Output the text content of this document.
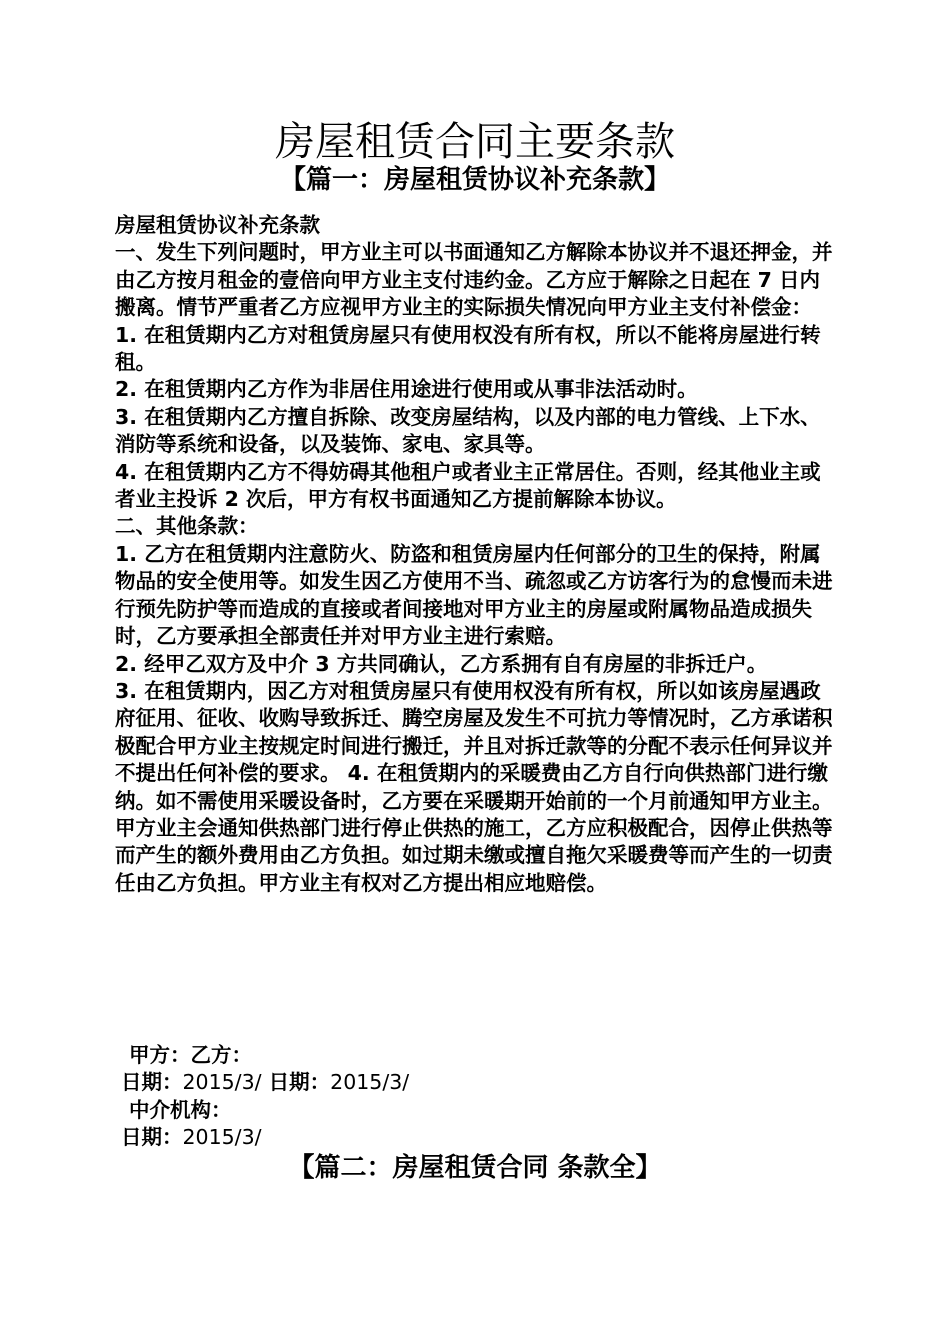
房屋租赁合同主要条款
【篇一：房屋租赁协议补充条款】

房屋租赁协议补充条款

一、发生下列问题时，甲方业主可以书面通知乙方解除本协议并不退还押金，并由乙方按月租金的壹倍向甲方业主支付违约金。乙方应于解除之日起在 7 日内搬离。情节严重者乙方应视甲方业主的实际损失情况向甲方业主支付补偿金：

1. 在租赁期内乙方对租赁房屋只有使用权没有所有权，所以不能将房屋进行转租。

2. 在租赁期内乙方作为非居住用途进行使用或从事非法活动时。

3. 在租赁期内乙方擅自拆除、改变房屋结构，以及内部的电力管线、上下水、消防等系统和设备，以及装饰、家电、家具等。

4. 在租赁期内乙方不得妨碍其他租户或者业主正常居住。否则，经其他业主或者业主投诉 2 次后，甲方有权书面通知乙方提前解除本协议。

二、其他条款：

1. 乙方在租赁期内注意防火、防盗和租赁房屋内任何部分的卫生的保持，附属物品的安全使用等。如发生因乙方使用不当、疏忽或乙方访客行为的怠慢而未进行预先防护等而造成的直接或者间接地对甲方业主的房屋或附属物品造成损失时，乙方要承担全部责任并对甲方业主进行索赔。

2. 经甲乙双方及中介 3 方共同确认，乙方系拥有自有房屋的非拆迁户。

3. 在租赁期内，因乙方对租赁房屋只有使用权没有所有权，所以如该房屋遇政府征用、征收、收购导致拆迁、腾空房屋及发生不可抗力等情况时，乙方承诺积极配合甲方业主按规定时间进行搬迁，并且对拆迁款等的分配不表示任何异议并不提出任何补偿的要求。 4. 在租赁期内的采暖费由乙方自行向供热部门进行缴纳。如不需使用采暖设备时，乙方要在采暖期开始前的一个月前通知甲方业主。甲方业主会通知供热部门进行停止供热的施工，乙方应积极配合，因停止供热等而产生的额外费用由乙方负担。如过期未缴或擅自拖欠采暖费等而产生的一切责任由乙方负担。甲方业主有权对乙方提出相应地赔偿。

甲方：乙方：

日期：2015/3/ 日期：2015/3/

中介机构：

日期：2015/3/

【篇二：房屋租赁合同 条款全】
